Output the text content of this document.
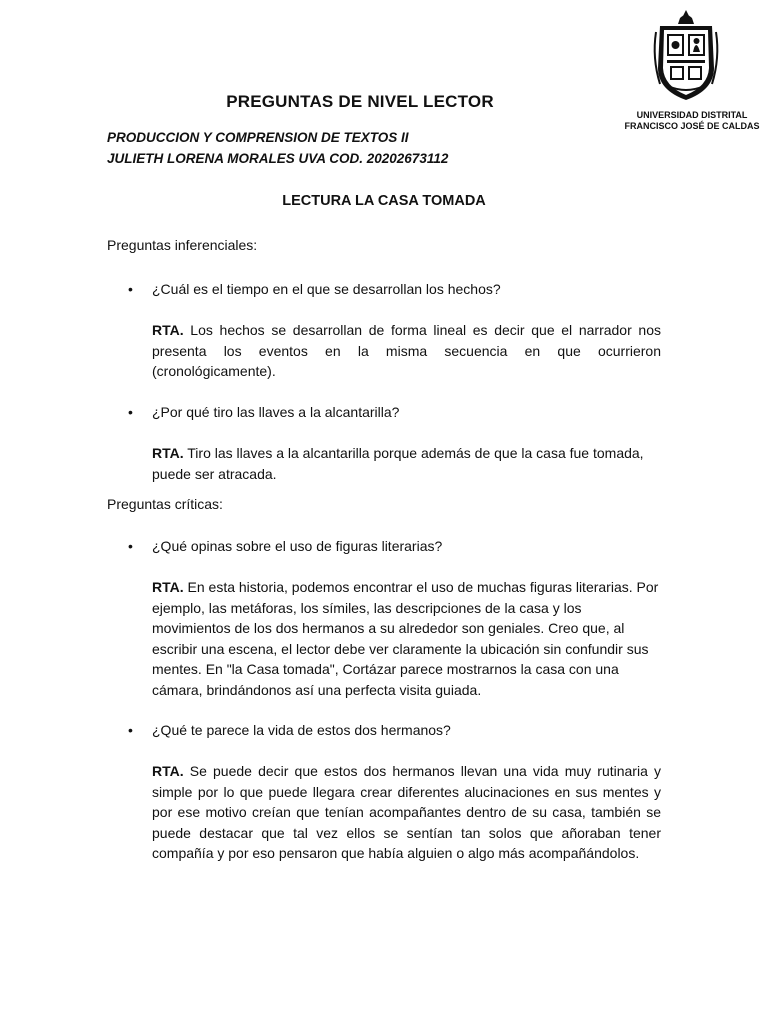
UNIVERSIDAD DISTRITAL
FRANCISCO JOSÉ DE CALDAS
PREGUNTAS DE NIVEL LECTOR
PRODUCCION Y COMPRENSION DE TEXTOS II
JULIETH LORENA MORALES UVA COD. 20202673112
LECTURA LA CASA TOMADA
Preguntas inferenciales:
• ¿Cuál es el tiempo en el que se desarrollan los hechos?
RTA. Los hechos se desarrollan de forma lineal es decir que el narrador nos presenta los eventos en la misma secuencia en que ocurrieron (cronológicamente).
• ¿Por qué tiro las llaves a la alcantarilla?
RTA. Tiro las llaves a la alcantarilla porque además de que la casa fue tomada, puede ser atracada.
Preguntas críticas:
• ¿Qué opinas sobre el uso de figuras literarias?
RTA. En esta historia, podemos encontrar el uso de muchas figuras literarias. Por ejemplo, las metáforas, los símiles, las descripciones de la casa y los movimientos de los dos hermanos a su alrededor son geniales. Creo que, al escribir una escena, el lector debe ver claramente la ubicación sin confundir sus mentes. En "la Casa tomada", Cortázar parece mostrarnos la casa con una cámara, brindándonos así una perfecta visita guiada.
• ¿Qué te parece la vida de estos dos hermanos?
RTA. Se puede decir que estos dos hermanos llevan una vida muy rutinaria y simple por lo que puede llegara crear diferentes alucinaciones en sus mentes y por ese motivo creían que tenían acompañantes dentro de su casa, también se puede destacar que tal vez ellos se sentían tan solos que añoraban tener compañía y por eso pensaron que había alguien o algo más acompañándolos.
